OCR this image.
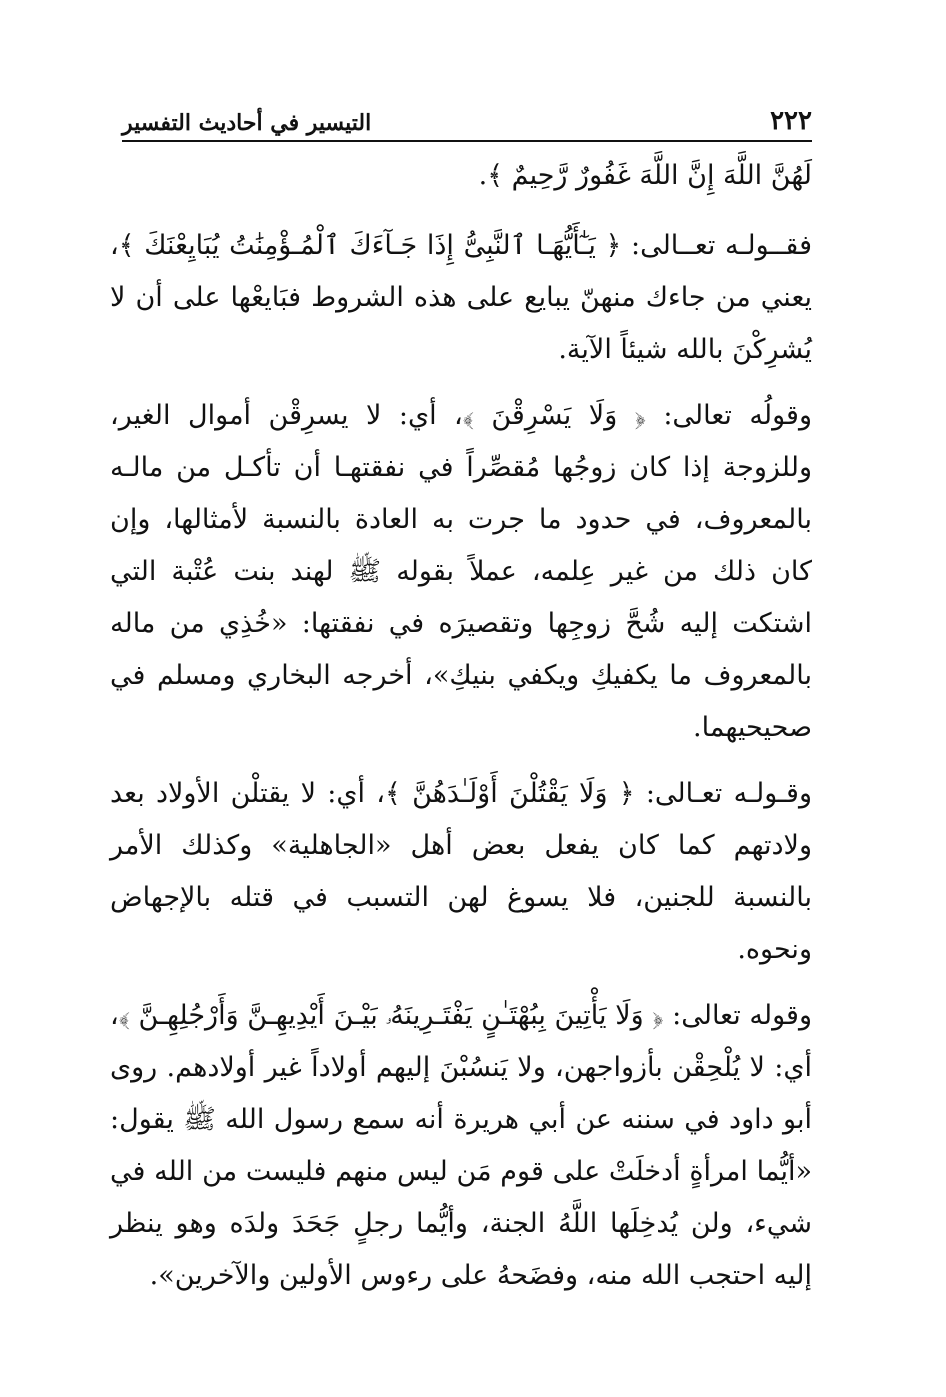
٢٢٢
التيسير في أحاديث التفسير

لَهُنَّ اللَّهَ إِنَّ اللَّهَ غَفُورٌ رَّحِيمٌ ﴾.

فقــولـه تعــالى: ﴿ يَـٰٓأَيُّهَـا ٱلنَّبِىُّ إِذَا جَـآءَكَ ٱلْمُـؤْمِنَٰتُ يُبَايِعْنَكَ ﴾، يعني من جاءك منهنّ يبايع على هذه الشروط فبَايعْها على أن لا يُشرِكْنَ بالله شيئاً الآية.

وقولُه تعالى: ﴿ وَلَا يَسْرِقْنَ ﴾، أي: لا يسرِقْن أموال الغير، وللزوجة إذا كان زوجُها مُقصِّراً في نفقتهـا أن تأكـل من مالـه بالمعروف، في حدود ما جرت به العادة بالنسبة لأمثالها، وإن كان ذلك من غير عِلمه، عملاً بقوله ﷺ لهند بنت عُتْبة التي اشتكت إليه شُحَّ زوجِها وتقصيرَه في نفقتها: «خُذِي من ماله بالمعروف ما يكفيكِ ويكفي بنيكِ»، أخرجه البخاري ومسلم في صحيحيهما.

وقـولـه تعـالى: ﴿ وَلَا يَقْتُلْنَ أَوْلَـٰدَهُنَّ ﴾، أي: لا يقتلْن الأولاد بعد ولادتهم كما كان يفعل بعض أهل «الجاهلية» وكذلك الأمر بالنسبة للجنين، فلا يسوغ لهن التسبب في قتله بالإجهاض ونحوه.

وقوله تعالى: ﴿ وَلَا يَأْتِينَ بِبُهْتَـٰنٍ يَفْتَـرِينَهُۥ بَيْـنَ أَيْدِيهِـنَّ وَأَرْجُلِهِـنَّ ﴾، أي: لا يُلْحِقْن بأزواجهن، ولا يَنسُبْنَ إليهم أولاداً غير أولادهم. روى أبو داود في سننه عن أبي هريرة أنه سمع رسول الله ﷺ يقول: «أيُّما امرأةٍ أدخلَتْ على قوم مَن ليس منهم فليست من الله في شيء، ولن يُدخِلَها اللَّهُ الجنة، وأيُّما رجلٍ جَحَدَ ولدَه وهو ينظر إليه احتجب الله منه، وفضَحهُ على رءوس الأولين والآخرين».
